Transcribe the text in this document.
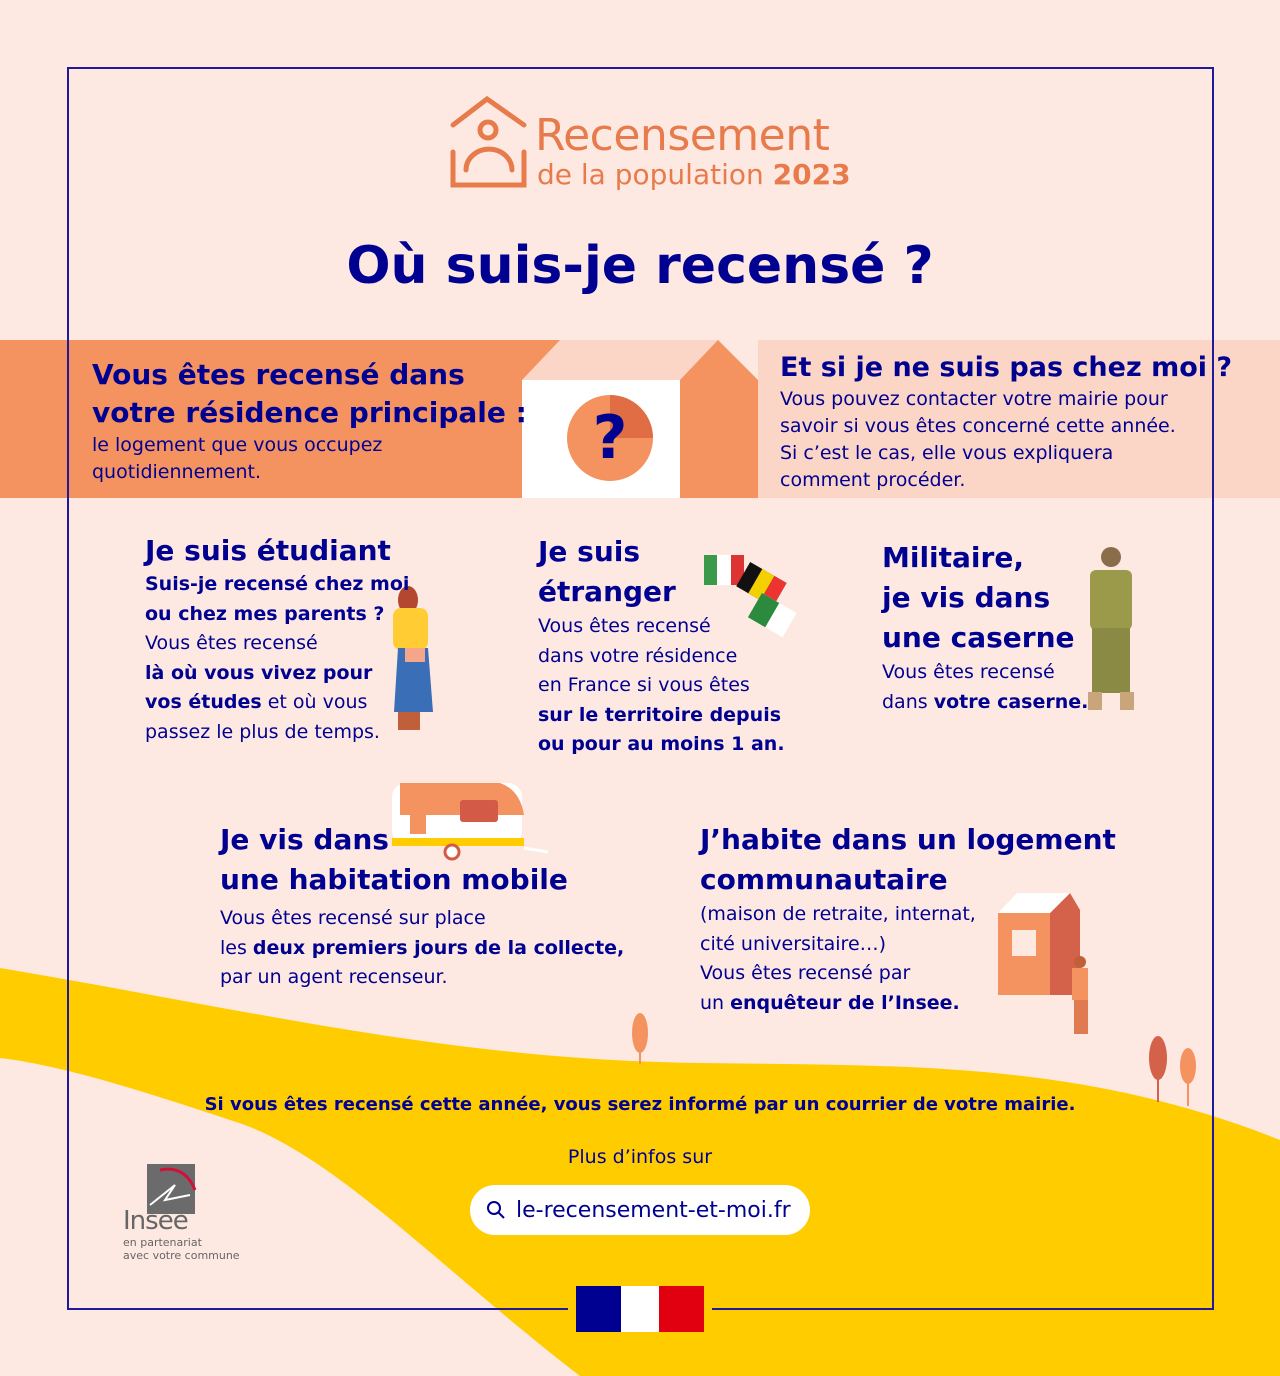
?
Recensement
de la population 2023
Où suis-je recensé ?
Vous êtes recensé dans
votre résidence principale :
le logement que vous occupez
quotidiennement.
Et si je ne suis pas chez moi ?
Vous pouvez contacter votre mairie pour
savoir si vous êtes concerné cette année.
Si c’est le cas, elle vous expliquera
comment procéder.
Je suis étudiant
Suis-je recensé chez moi
ou chez mes parents ?
Vous êtes recensé
là où vous vivez pour
vos études et où vous
passez le plus de temps.
Je suis
étranger
Vous êtes recensé
dans votre résidence
en France si vous êtes
sur le territoire depuis
ou pour au moins 1 an.
Militaire,
je vis dans
une caserne
Vous êtes recensé
dans votre caserne.
Je vis dans
une habitation mobile
Vous êtes recensé sur place
les deux premiers jours de la collecte,
par un agent recenseur.
J’habite dans un logement
communautaire
(maison de retraite, internat,
cité universitaire…)
Vous êtes recensé par
un enquêteur de l’Insee.
Si vous êtes recensé cette année, vous serez informé par un courrier de votre mairie.
Plus d’infos sur
le-recensement-et-moi.fr
Insee
en partenariat
avec votre commune
